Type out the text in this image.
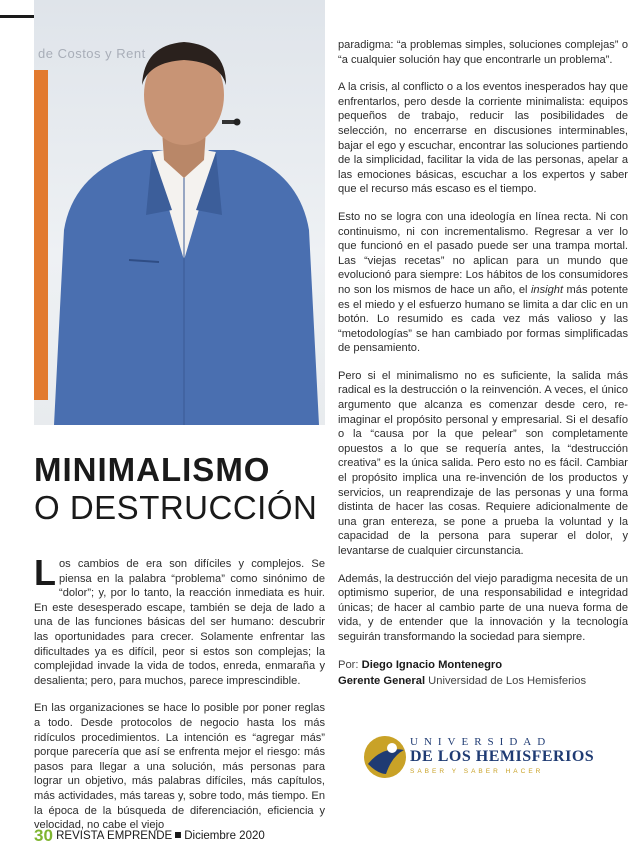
de Costos y Rent
MINIMALISMO
O DESTRUCCIÓN

Los cambios de era son difíciles y complejos. Se piensa en la palabra “problema” como sinónimo de “dolor”; y, por lo tanto, la reacción inmediata es huir. En este desesperado escape, también se deja de lado a una de las funciones básicas del ser humano: descubrir las oportunidades para crecer. Solamente enfrentar las dificultades ya es difícil, peor si estos son complejas; la complejidad invade la vida de todos, enreda, enmaraña y desalienta; pero, para muchos, parece imprescindible.

En las organizaciones se hace lo posible por poner reglas a todo. Desde protocolos de negocio hasta los más ridículos procedimientos. La intención es “agregar más” porque parecería que así se enfrenta mejor el riesgo: más pasos para llegar a una solución, más personas para lograr un objetivo, más palabras difíciles, más capítulos, más actividades, más tareas y, sobre todo, más tiempo. En la época de la búsqueda de diferenciación, eficiencia y velocidad, no cabe el viejo

paradigma: “a problemas simples, soluciones complejas” o “a cualquier solución hay que encontrarle un problema”.

A la crisis, al conflicto o a los eventos inesperados hay que enfrentarlos, pero desde la corriente minimalista: equipos pequeños de trabajo, reducir las posibilidades de selección, no encerrarse en discusiones interminables, bajar el ego y escuchar, encontrar las soluciones partiendo de la simplicidad, facilitar la vida de las personas, apelar a las emociones básicas, escuchar a los expertos y saber que el recurso más escaso es el tiempo.

Esto no se logra con una ideología en línea recta. Ni con continuismo, ni con incrementalismo. Regresar a ver lo que funcionó en el pasado puede ser una trampa mortal. Las “viejas recetas” no aplican para un mundo que evolucionó para siempre: Los hábitos de los consumidores no son los mismos de hace un año, el insight más potente es el miedo y el esfuerzo humano se limita a dar clic en un botón. Lo resumido es cada vez más valioso y las “metodologías” se han cambiado por formas simplificadas de pensamiento.

Pero si el minimalismo no es suficiente, la salida más radical es la destrucción o la reinvención. A veces, el único argumento que alcanza es comenzar desde cero, re-imaginar el propósito personal y empresarial. Si el desafío o la “causa por la que pelear” son completamente opuestos a lo que se requería antes, la “destrucción creativa” es la única salida. Pero esto no es fácil. Cambiar el propósito implica una re-invención de los productos y servicios, un reaprendizaje de las personas y una forma distinta de hacer las cosas. Requiere adicionalmente de una gran entereza, se pone a prueba la voluntad y la capacidad de la persona para superar el dolor, y levantarse de cualquier circunstancia.

Además, la destrucción del viejo paradigma necesita de un optimismo superior, de una responsabilidad e integridad únicas; de hacer al cambio parte de una nueva forma de vida, y de entender que la innovación y la tecnología seguirán transformando la sociedad para siempre.

Por: Diego Ignacio Montenegro
Gerente General Universidad de Los Hemisferios
UNIVERSIDAD
DE LOS HEMISFERIOS
SABER Y SABER HACER
30 REVISTA EMPRENDE Diciembre 2020
